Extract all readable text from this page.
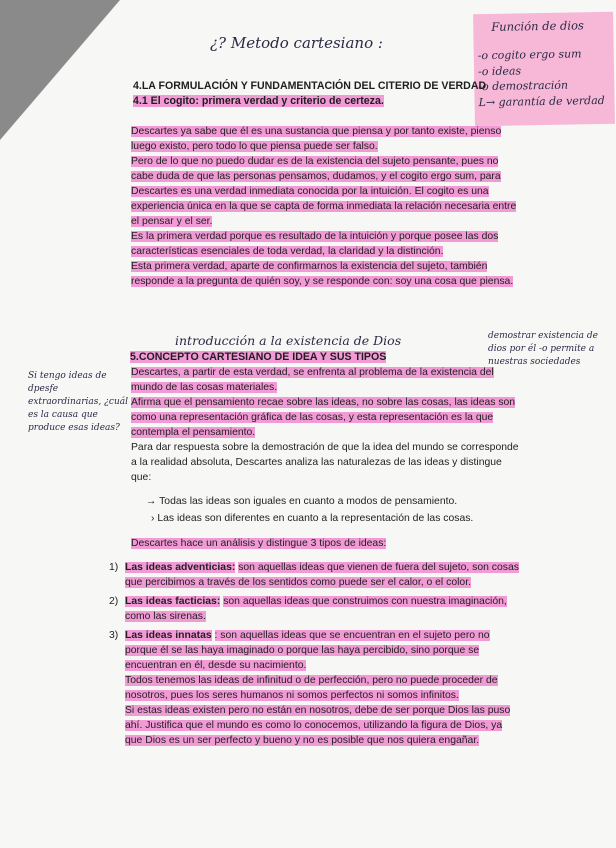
¿? Metodo cartesiano :
Función de dios
-o cogito ergo sum
-o ideas
-o demostración
L→ garantía de verdad
4.LA FORMULACIÓN Y FUNDAMENTACIÓN DEL CITERIO DE VERDAD
4.1 El cogito: primera verdad y criterio de certeza.

Descartes ya sabe que él es una sustancia que piensa y por tanto existe, pienso luego existo, pero todo lo que piensa puede ser falso.

Pero de lo que no puedo dudar es de la existencia del sujeto pensante, pues no cabe duda de que las personas pensamos, dudamos, y el cogito ergo sum, para Descartes es una verdad inmediata conocida por la intuición. El cogito es una experiencia única en la que se capta de forma inmediata la relación necesaria entre el pensar y el ser.

Es la primera verdad porque es resultado de la intuición y porque posee las dos características esenciales de toda verdad, la claridad y la distinción.

Esta primera verdad, aparte de confirmarnos la existencia del sujeto, también responde a la pregunta de quién soy, y se responde con: soy una cosa que piensa.

introducción a la existencia de Dios	demostrar existencia de dios por él -o permite a nuestras sociedades
Si tengo ideas de dpesfe extraordinarias, ¿cuál es la causa que produce esas ideas?
5.CONCEPTO CARTESIANO DE IDEA Y SUS TIPOS

Descartes, a partir de esta verdad, se enfrenta al problema de la existencia del mundo de las cosas materiales.

Afirma que el pensamiento recae sobre las ideas, no sobre las cosas, las ideas son como una representación gráfica de las cosas, y esta representación es la que contempla el pensamiento.

Para dar respuesta sobre la demostración de que la idea del mundo se corresponde a la realidad absoluta, Descartes analiza las naturalezas de las ideas y distingue que:

→ Todas las ideas son iguales en cuanto a modos de pensamiento.
› Las ideas son diferentes en cuanto a la representación de las cosas.
Descartes hace un análisis y distingue 3 tipos de ideas:
1) Las ideas adventicias: son aquellas ideas que vienen de fuera del sujeto, son cosas que percibimos a través de los sentidos como puede ser el calor, o el color.
2) Las ideas facticias: son aquellas ideas que construimos con nuestra imaginación, como las sirenas.
3) Las ideas innatas : son aquellas ideas que se encuentran en el sujeto pero no porque él se las haya imaginado o porque las haya percibido, sino porque se encuentran en él, desde su nacimiento.

Todos tenemos las ideas de infinitud o de perfección, pero no puede proceder de nosotros, pues los seres humanos ni somos perfectos ni somos infinitos.

Si estas ideas existen pero no están en nosotros, debe de ser porque Dios las puso ahí. Justifica que el mundo es como lo conocemos, utilizando la figura de Dios, ya que Dios es un ser perfecto y bueno y no es posible que nos quiera engañar.
